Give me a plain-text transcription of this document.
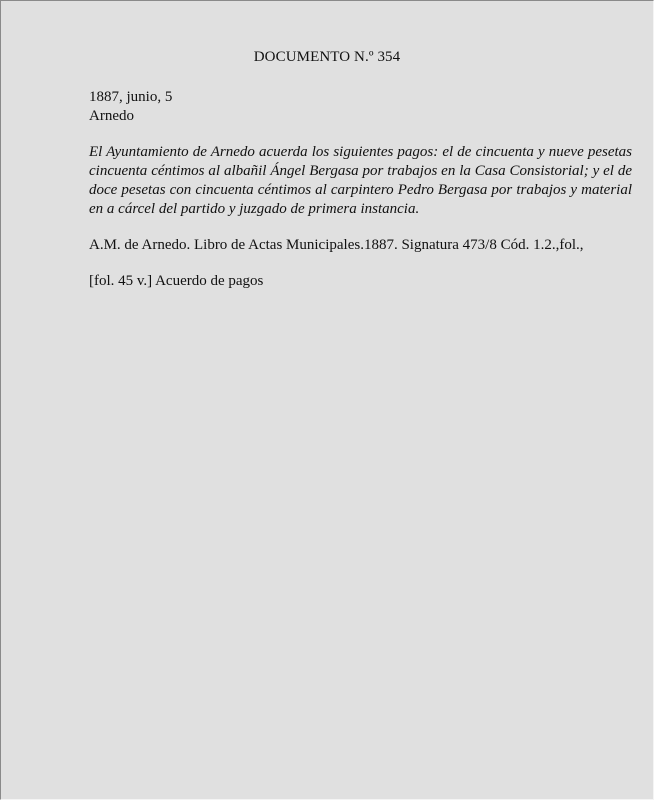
DOCUMENTO N.º 354
1887, junio, 5
Arnedo

El Ayuntamiento de Arnedo acuerda los siguientes pagos: el de cincuenta y nueve pesetas cincuenta céntimos al albañil Ángel Bergasa por trabajos en la Casa Consistorial; y el de doce pesetas con cincuenta céntimos al carpintero Pedro Bergasa por trabajos y material en a cárcel del partido y juzgado de primera instancia.

A.M. de Arnedo. Libro de Actas Municipales.1887. Signatura 473/8 Cód. 1.2.,fol.,

[fol. 45 v.] Acuerdo de pagos
